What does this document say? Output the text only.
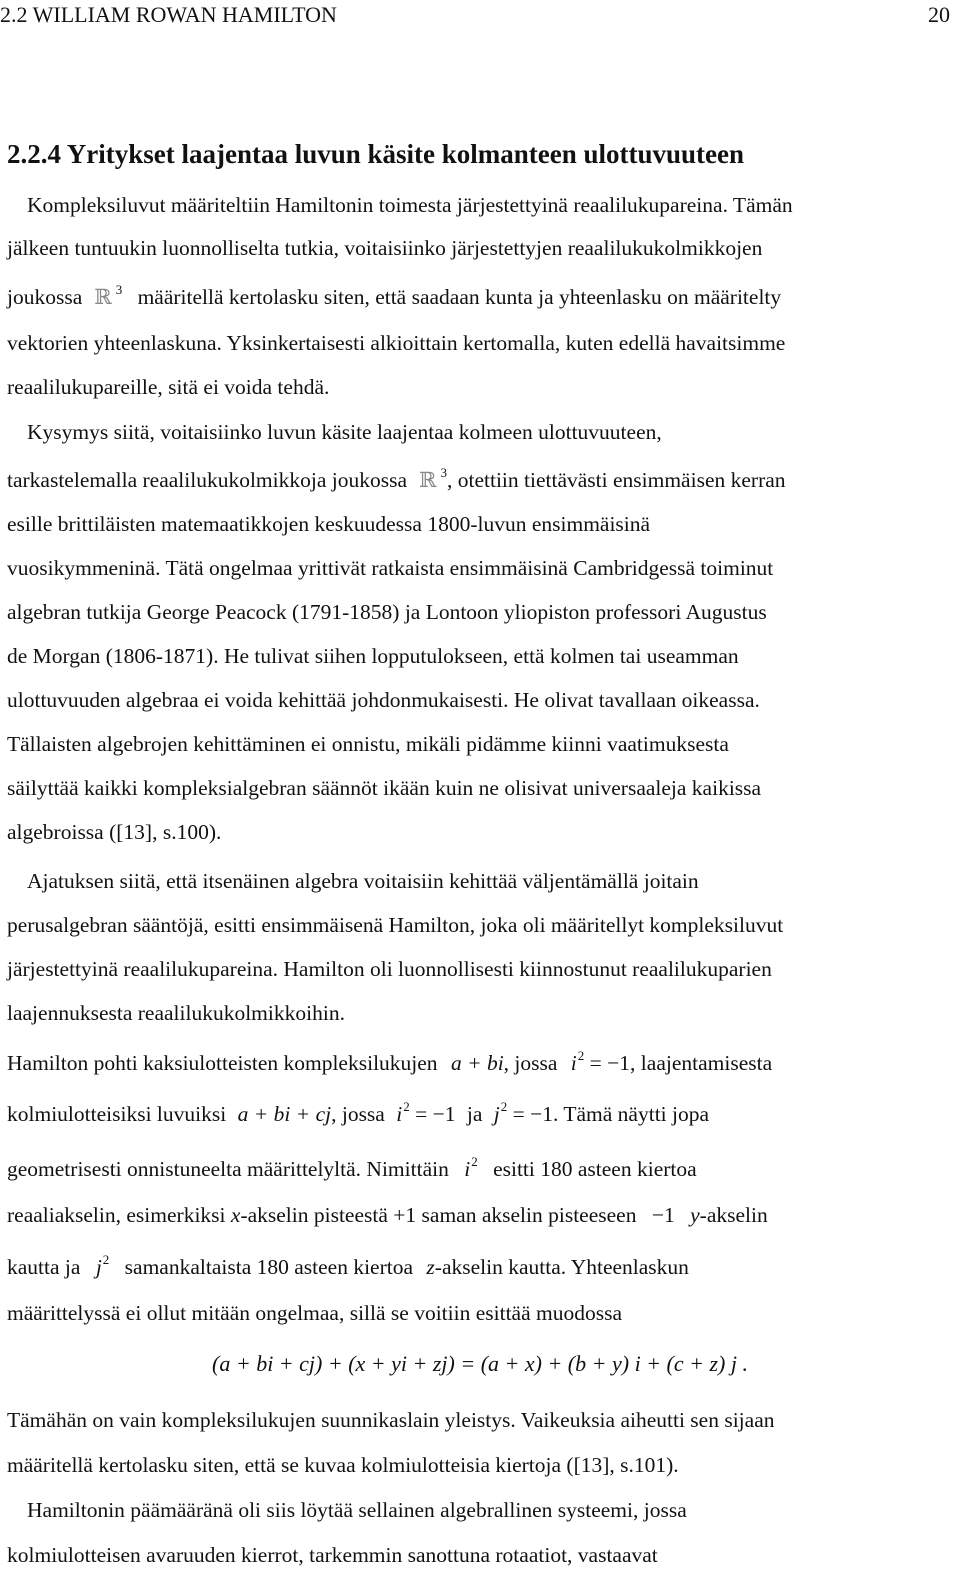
2.2 WILLIAM ROWAN HAMILTON	20
2.2.4 Yritykset laajentaa luvun käsite kolmanteen ulottuvuuteen
Kompleksiluvut määriteltiin Hamiltonin toimesta järjestettyinä reaalilukupareina. Tämän
jälkeen tuntuukin luonnolliselta tutkia, voitaisiinko järjestettyjen reaalilukukolmikkojen
joukossa ℝ $^3$ määritellä kertolasku siten, että saadaan kunta ja yhteenlasku on määritelty
vektorien yhteenlaskuna. Yksinkertaisesti alkioittain kertomalla, kuten edellä havaitsimme
reaalilukupareille, sitä ei voida tehdä.
Kysymys siitä, voitaisiinko luvun käsite laajentaa kolmeen ulottuvuuteen,
tarkastelemalla reaalilukukolmikkoja joukossa ℝ $^3$, otettiin tiettävästi ensimmäisen kerran
esille brittiläisten matemaatikkojen keskuudessa 1800-luvun ensimmäisinä
vuosikymmeninä. Tätä ongelmaa yrittivät ratkaista ensimmäisinä Cambridgessä toiminut
algebran tutkija George Peacock (1791-1858) ja Lontoon yliopiston professori Augustus
de Morgan (1806-1871). He tulivat siihen lopputulokseen, että kolmen tai useamman
ulottuvuuden algebraa ei voida kehittää johdonmukaisesti. He olivat tavallaan oikeassa.
Tällaisten algebrojen kehittäminen ei onnistu, mikäli pidämme kiinni vaatimuksesta
säilyttää kaikki kompleksialgebran säännöt ikään kuin ne olisivat universaaleja kaikissa
algebroissa ([13], s.100).
Ajatuksen siitä, että itsenäinen algebra voitaisiin kehittää väljentämällä joitain
perusalgebran sääntöjä, esitti ensimmäisenä Hamilton, joka oli määritellyt kompleksiluvut
järjestettyinä reaalilukupareina. Hamilton oli luonnollisesti kiinnostunut reaalilukuparien
laajennuksesta reaalilukukolmikkoihin.
Hamilton pohti kaksiulotteisten kompleksilukujen a + bi, jossa $i^2 = -1$, laajentamisesta
kolmiulotteisiksi luvuiksi a + bi + cj, jossa $i^2 = -1$ ja $j^2 = -1$. Tämä näytti jopa
geometrisesti onnistuneelta määrittelyltä. Nimittäin $i^2$ esitti 180 asteen kiertoa
reaaliakselin, esimerkiksi x-akselin pisteestä +1 saman akselin pisteeseen −1 y-akselin
kautta ja $j^2$ samankaltaista 180 asteen kiertoa z-akselin kautta. Yhteenlaskun
määrittelyssä ei ollut mitään ongelmaa, sillä se voitiin esittää muodossa
(a + bi + cj) + (x + yi + zj) = (a + x) + (b + y) i + (c + z) j .
Tämähän on vain kompleksilukujen suunnikaslain yleistys. Vaikeuksia aiheutti sen sijaan
määritellä kertolasku siten, että se kuvaa kolmiulotteisia kiertoja ([13], s.101).
Hamiltonin päämääränä oli siis löytää sellainen algebrallinen systeemi, jossa
kolmiulotteisen avaruuden kierrot, tarkemmin sanottuna rotaatiot, vastaavat
